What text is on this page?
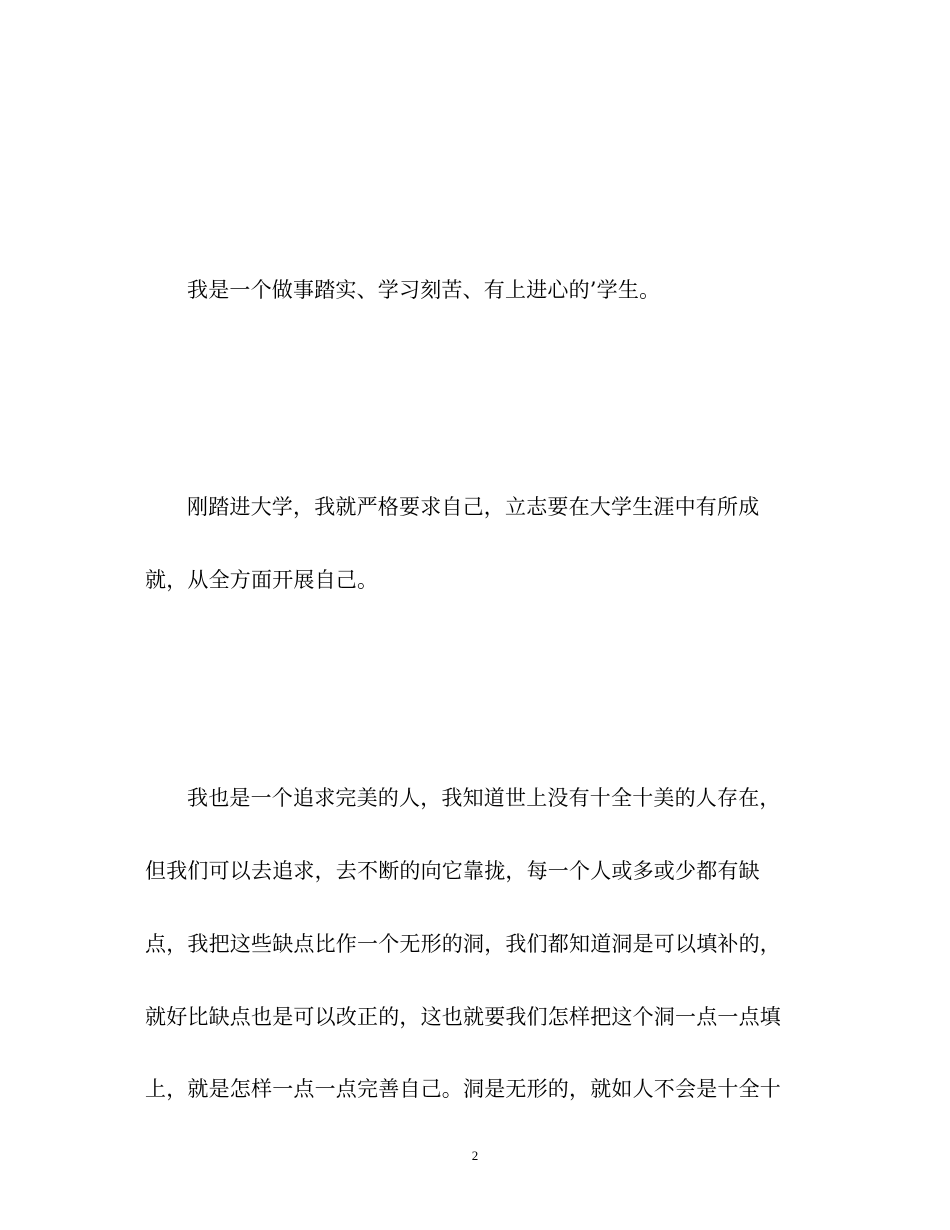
我是一个做事踏实、学习刻苦、有上进心的’学生。
刚踏进大学，我就严格要求自己，立志要在大学生涯中有所成
就，从全方面开展自己。
我也是一个追求完美的人，我知道世上没有十全十美的人存在，
但我们可以去追求，去不断的向它靠拢，每一个人或多或少都有缺
点，我把这些缺点比作一个无形的洞，我们都知道洞是可以填补的，
就好比缺点也是可以改正的，这也就要我们怎样把这个洞一点一点填
上，就是怎样一点一点完善自己。洞是无形的，就如人不会是十全十
2
